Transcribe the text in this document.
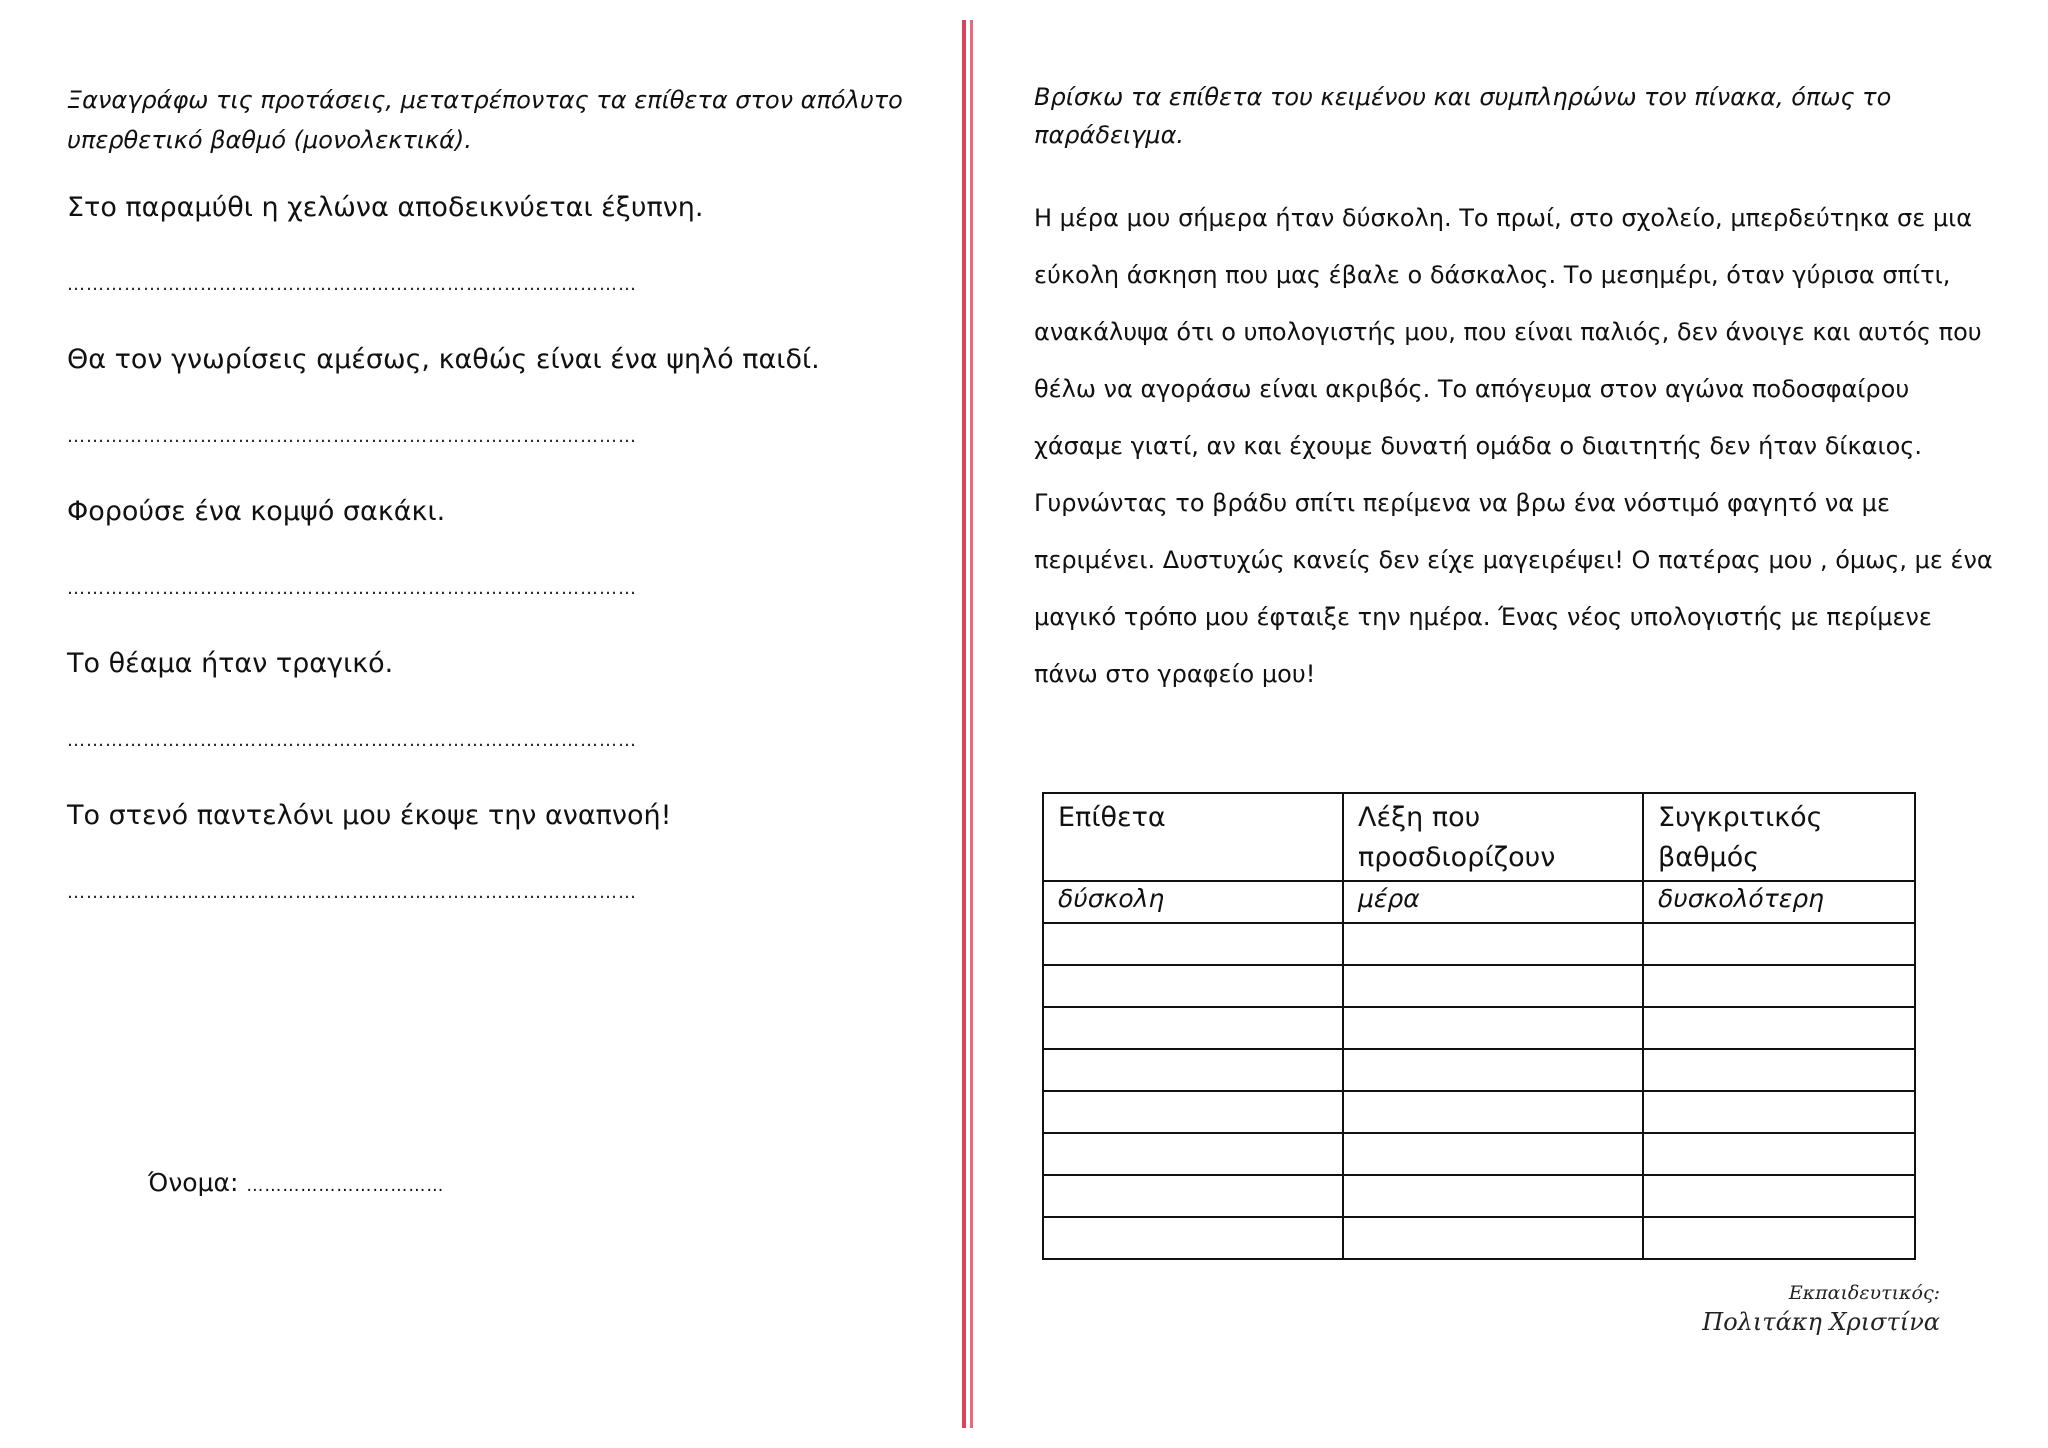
Ξαναγράφω τις προτάσεις, μετατρέποντας τα επίθετα στον απόλυτο υπερθετικό βαθμό (μονολεκτικά).
Στο παραμύθι η χελώνα αποδεικνύεται έξυπνη.
………………………………………………………………………………
Θα τον γνωρίσεις αμέσως, καθώς είναι ένα ψηλό παιδί.
………………………………………………………………………………
Φορούσε ένα κομψό σακάκι.
………………………………………………………………………………
Το θέαμα ήταν τραγικό.
………………………………………………………………………………
Το στενό παντελόνι μου έκοψε την αναπνοή!
………………………………………………………………………………
Όνομα: ……………………………
Βρίσκω τα επίθετα του κειμένου και συμπληρώνω τον πίνακα, όπως το παράδειγμα.
Η μέρα μου σήμερα ήταν δύσκολη. Το πρωί, στο σχολείο, μπερδεύτηκα σε μια εύκολη άσκηση που μας έβαλε ο δάσκαλος. Το μεσημέρι, όταν γύρισα σπίτι, ανακάλυψα ότι ο υπολογιστής μου, που είναι παλιός, δεν άνοιγε και αυτός που θέλω να αγοράσω είναι ακριβός. Το απόγευμα στον αγώνα ποδοσφαίρου χάσαμε γιατί, αν και έχουμε δυνατή ομάδα ο διαιτητής δεν ήταν δίκαιος. Γυρνώντας το βράδυ σπίτι περίμενα να βρω ένα νόστιμό φαγητό να με περιμένει. Δυστυχώς κανείς δεν είχε μαγειρέψει! Ο πατέρας μου , όμως, με ένα μαγικό τρόπο μου έφταιξε την ημέρα. Ένας νέος υπολογιστής με περίμενε πάνω στο γραφείο μου!
Επίθετα	Λέξη που προσδιορίζουν	Συγκριτικός βαθμός
δύσκολη	μέρα	δυσκολότερη

Εκπαιδευτικός:
Πολιτάκη Χριστίνα
